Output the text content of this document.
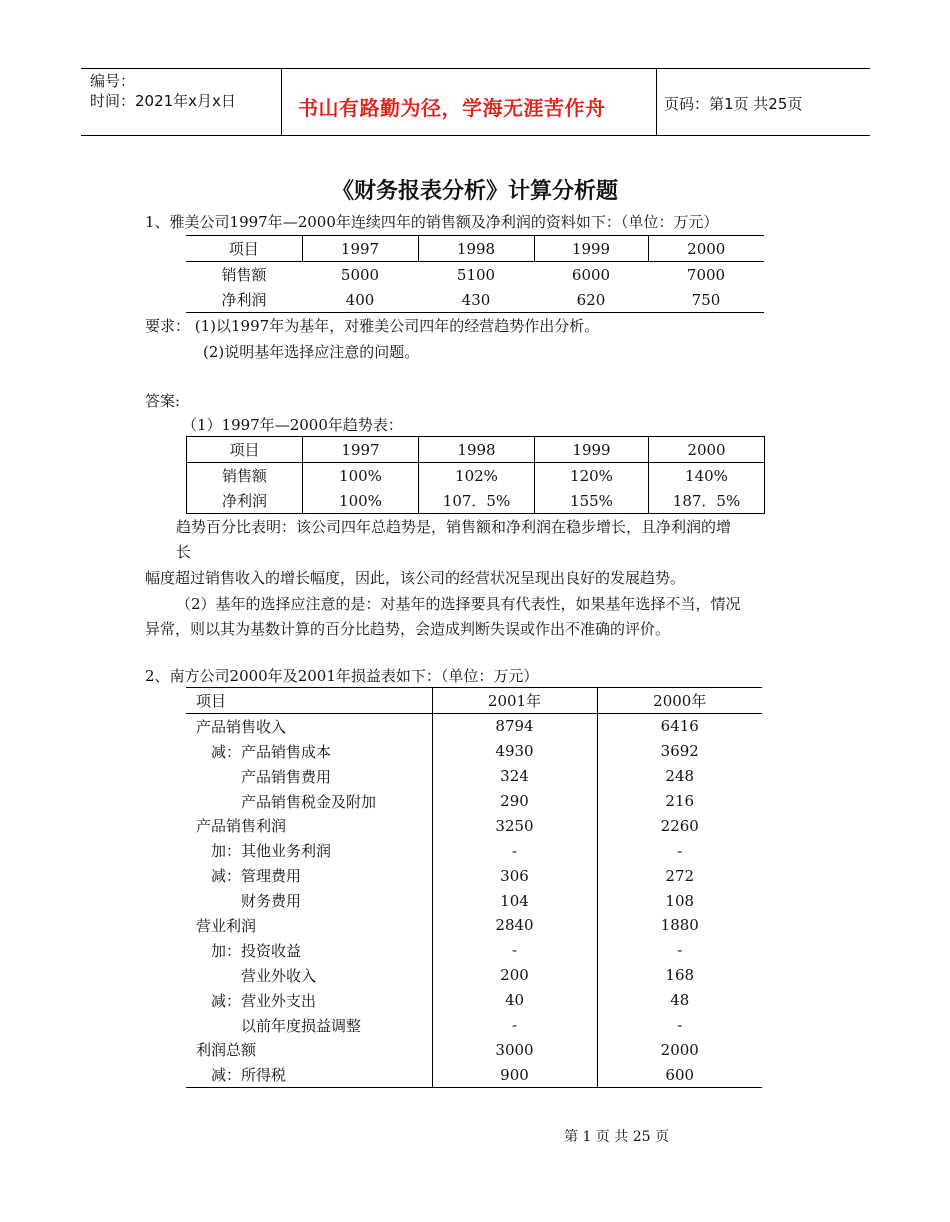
编号：
时间：2021年x月x日	书山有路勤为径，学海无涯苦作舟	页码：第1页 共25页
《财务报表分析》计算分析题
1、雅美公司1997年—2000年连续四年的销售额及净利润的资料如下：（单位：万元）
项目	1997	1998	1999	2000
销售额	5000	5100	6000	7000
净利润	400	430	620	750
要求： (1)以1997年为基年，对雅美公司四年的经营趋势作出分析。
(2)说明基年选择应注意的问题。
答案:
（1）1997年—2000年趋势表：
项目	1997	1998	1999	2000
销售额	100%	102%	120%	140%
净利润	100%	107．5%	155%	187．5%
趋势百分比表明：该公司四年总趋势是，销售额和净利润在稳步增长，且净利润的增
长
幅度超过销售收入的增长幅度，因此，该公司的经营状况呈现出良好的发展趋势。
（2）基年的选择应注意的是：对基年的选择要具有代表性，如果基年选择不当，情况
异常，则以其为基数计算的百分比趋势，会造成判断失误或作出不准确的评价。
2、南方公司2000年及2001年损益表如下：（单位：万元）
项目	2001年	2000年
产品销售收入	8794	6416
　减：产品销售成本	4930	3692
　　　产品销售费用	324	248
　　　产品销售税金及附加	290	216
产品销售利润	3250	2260
　加：其他业务利润	-	-
　减：管理费用	306	272
　　　财务费用	104	108
营业利润	2840	1880
　加：投资收益	-	-
　　　营业外收入	200	168
　减：营业外支出	40	48
　　　以前年度损益调整	-	-
利润总额	3000	2000
　减：所得税	900	600
第 1 页 共 25 页
